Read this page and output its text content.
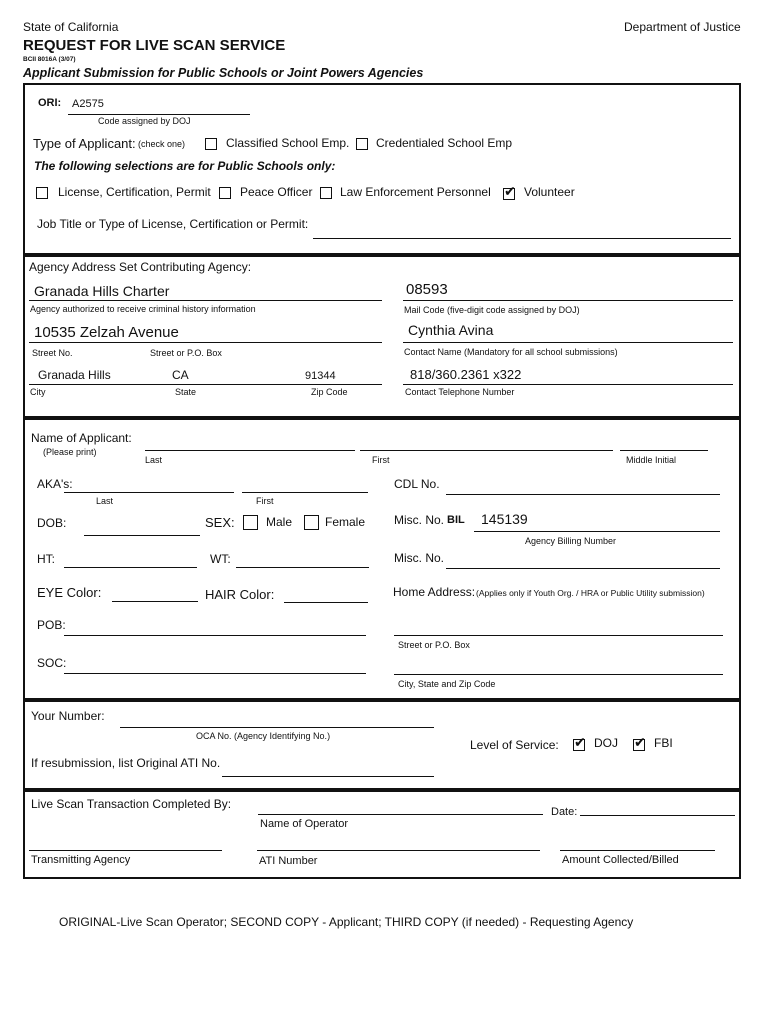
State of California	Department of Justice
REQUEST FOR LIVE SCAN SERVICE
BCII 8016A (3/07)
Applicant Submission for Public Schools or Joint Powers Agencies
ORI: A2575
Code assigned by DOJ
Type of Applicant: (check one)	Classified School Emp. Credentialed School Emp
The following selections are for Public Schools only:
License, Certification, Permit Peace Officer Law Enforcement Personnel ✔	Volunteer
Job Title or Type of License, Certification or Permit:
Agency Address Set Contributing Agency:
Granada Hills Charter
Agency authorized to receive criminal history information
08593
Mail Code (five-digit code assigned by DOJ)
10535 Zelzah Avenue
Street No.	Street or P.O. Box
Cynthia Avina
Contact Name (Mandatory for all school submissions)
Granada Hills	CA	91344
City	State	Zip Code
818/360.2361 x322
Contact Telephone Number
Name of Applicant:
(Please print)
Last	First	Middle Initial
AKA's:
Last	First
CDL No.
DOB:	SEX:	Male	Female Misc. No. BIL 145139
Agency Billing Number
HT:	WT:	Misc. No.
EYE Color:	HAIR Color:	Home Address: (Applies only if Youth Org. / HRA or Public Utility submission)
POB:
Street or P.O. Box
SOC:
City, State and Zip Code
Your Number:
OCA No. (Agency Identifying No.)
Level of Service: ✔	DOJ ✔	FBI
If resubmission, list Original ATI No.
Live Scan Transaction Completed By:
Date:
Name of Operator
Transmitting Agency	ATI Number	Amount Collected/Billed
ORIGINAL-Live Scan Operator; SECOND COPY - Applicant; THIRD COPY (if needed) - Requesting Agency
